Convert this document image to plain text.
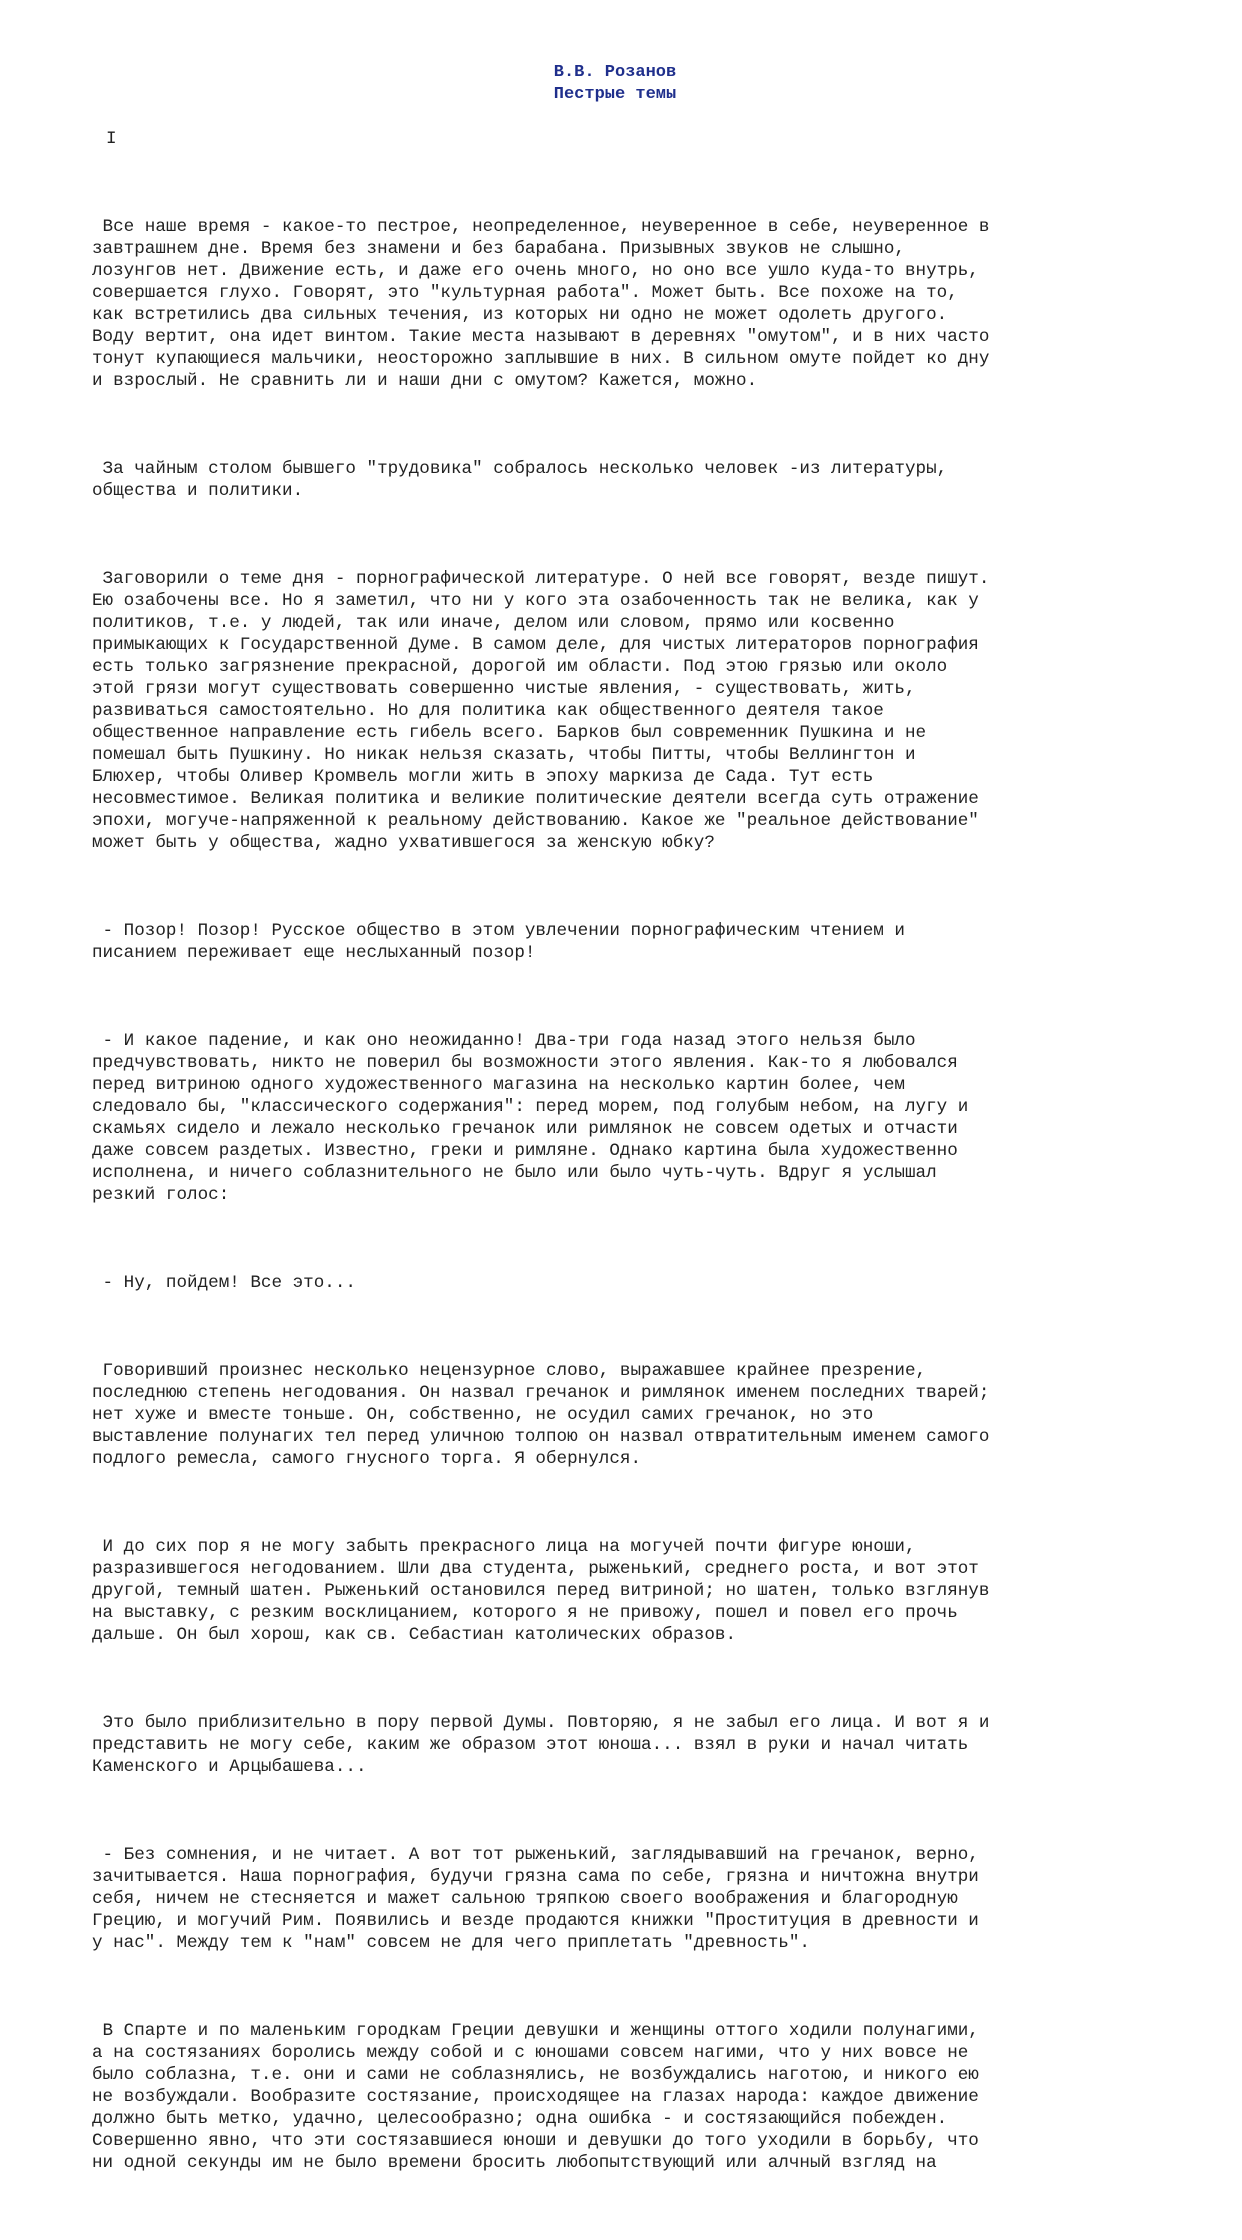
В.В. Розанов
Пестрые темы
I

Все наше время - какое-то пестрое, неопределенное, неуверенное в себе, неуверенное в
завтрашнем дне. Время без знамени и без барабана. Призывных звуков не слышно,
лозунгов нет. Движение есть, и даже его очень много, но оно все ушло куда-то внутрь,
совершается глухо. Говорят, это "культурная работа". Может быть. Все похоже на то,
как встретились два сильных течения, из которых ни одно не может одолеть другого.
Воду вертит, она идет винтом. Такие места называют в деревнях "омутом", и в них часто
тонут купающиеся мальчики, неосторожно заплывшие в них. В сильном омуте пойдет ко дну
и взрослый. Не сравнить ли и наши дни с омутом? Кажется, можно.

За чайным столом бывшего "трудовика" собралось несколько человек -из литературы,
общества и политики.

Заговорили о теме дня - порнографической литературе. О ней все говорят, везде пишут.
Ею озабочены все. Но я заметил, что ни у кого эта озабоченность так не велика, как у
политиков, т.е. у людей, так или иначе, делом или словом, прямо или косвенно
примыкающих к Государственной Думе. В самом деле, для чистых литераторов порнография
есть только загрязнение прекрасной, дорогой им области. Под этою грязью или около
этой грязи могут существовать совершенно чистые явления, - существовать, жить,
развиваться самостоятельно. Но для политика как общественного деятеля такое
общественное направление есть гибель всего. Барков был современник Пушкина и не
помешал быть Пушкину. Но никак нельзя сказать, чтобы Питты, чтобы Веллингтон и
Блюхер, чтобы Оливер Кромвель могли жить в эпоху маркиза де Сада. Тут есть
несовместимое. Великая политика и великие политические деятели всегда суть отражение
эпохи, могуче-напряженной к реальному действованию. Какое же "реальное действование"
может быть у общества, жадно ухватившегося за женскую юбку?

- Позор! Позор! Русское общество в этом увлечении порнографическим чтением и
писанием переживает еще неслыханный позор!

- И какое падение, и как оно неожиданно! Два-три года назад этого нельзя было
предчувствовать, никто не поверил бы возможности этого явления. Как-то я любовался
перед витриною одного художественного магазина на несколько картин более, чем
следовало бы, "классического содержания": перед морем, под голубым небом, на лугу и
скамьях сидело и лежало несколько гречанок или римлянок не совсем одетых и отчасти
даже совсем раздетых. Известно, греки и римляне. Однако картина была художественно
исполнена, и ничего соблазнительного не было или было чуть-чуть. Вдруг я услышал
резкий голос:

- Ну, пойдем! Все это...

Говоривший произнес несколько нецензурное слово, выражавшее крайнее презрение,
последнюю степень негодования. Он назвал гречанок и римлянок именем последних тварей;
нет хуже и вместе тоньше. Он, собственно, не осудил самих гречанок, но это
выставление полунагих тел перед уличною толпою он назвал отвратительным именем самого
подлого ремесла, самого гнусного торга. Я обернулся.

И до сих пор я не могу забыть прекрасного лица на могучей почти фигуре юноши,
разразившегося негодованием. Шли два студента, рыженький, среднего роста, и вот этот
другой, темный шатен. Рыженький остановился перед витриной; но шатен, только взглянув
на выставку, с резким восклицанием, которого я не привожу, пошел и повел его прочь
дальше. Он был хорош, как св. Себастиан католических образов.

Это было приблизительно в пору первой Думы. Повторяю, я не забыл его лица. И вот я и
представить не могу себе, каким же образом этот юноша... взял в руки и начал читать
Каменского и Арцыбашева...

- Без сомнения, и не читает. А вот тот рыженький, заглядывавший на гречанок, верно,
зачитывается. Наша порнография, будучи грязна сама по себе, грязна и ничтожна внутри
себя, ничем не стесняется и мажет сальною тряпкою своего воображения и благородную
Грецию, и могучий Рим. Появились и везде продаются книжки "Проституция в древности и
у нас". Между тем к "нам" совсем не для чего приплетать "древность".

В Спарте и по маленьким городкам Греции девушки и женщины оттого ходили полунагими,
а на состязаниях боролись между собой и с юношами совсем нагими, что у них вовсе не
было соблазна, т.е. они и сами не соблазнялись, не возбуждались наготою, и никого ею
не возбуждали. Вообразите состязание, происходящее на глазах народа: каждое движение
должно быть метко, удачно, целесообразно; одна ошибка - и состязающийся побежден.
Совершенно явно, что эти состязавшиеся юноши и девушки до того уходили в борьбу, что
ни одной секунды им не было времени бросить любопытствующий или алчный взгляд на
